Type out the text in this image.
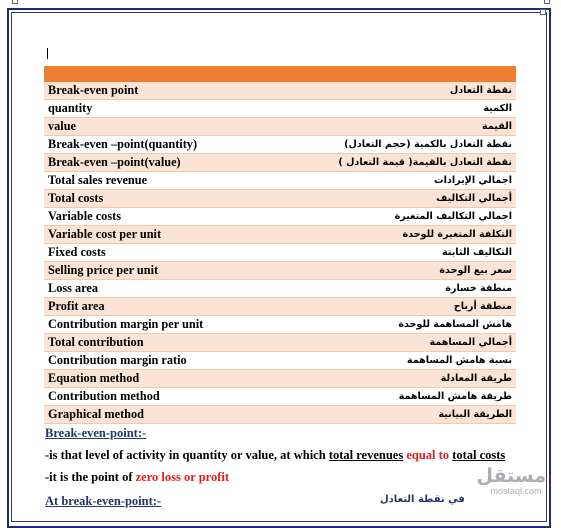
Break-even point	نقطة التعادل
quantity	الكمية
value	القيمة
Break-even –point(quantity)	نقطة التعادل بالكمية (حجم التعادل)
Break-even –point(value)	نقطة التعادل بالقيمة( قيمة التعادل )
Total sales revenue	اجمالي الإيرادات
Total costs	أجمالي التكاليف
Variable costs	اجمالي التكاليف المتغيرة
Variable cost per unit	التكلفة المتغيرة للوحدة
Fixed costs	التكاليف الثابتة
Selling price per unit	سعر بيع الوحدة
Loss area	منطقة خسارة
Profit area	منطقة أرباح
Contribution margin per unit	هامش المساهمة للوحدة
Total contribution	أجمالي المساهمة
Contribution margin ratio	نسبة هامش المساهمة
Equation method	طريقة المعادلة
Contribution method	طريقة هامش المساهمة
Graphical method	الطريقة البيانية
Break-even-point:-
-is that level of activity in quantity or value, at which total revenues equal to total costs
-it is the point of zero loss or profit
At break-even-point:-	في نقطة التعادل
مستقل
mostaql.com
